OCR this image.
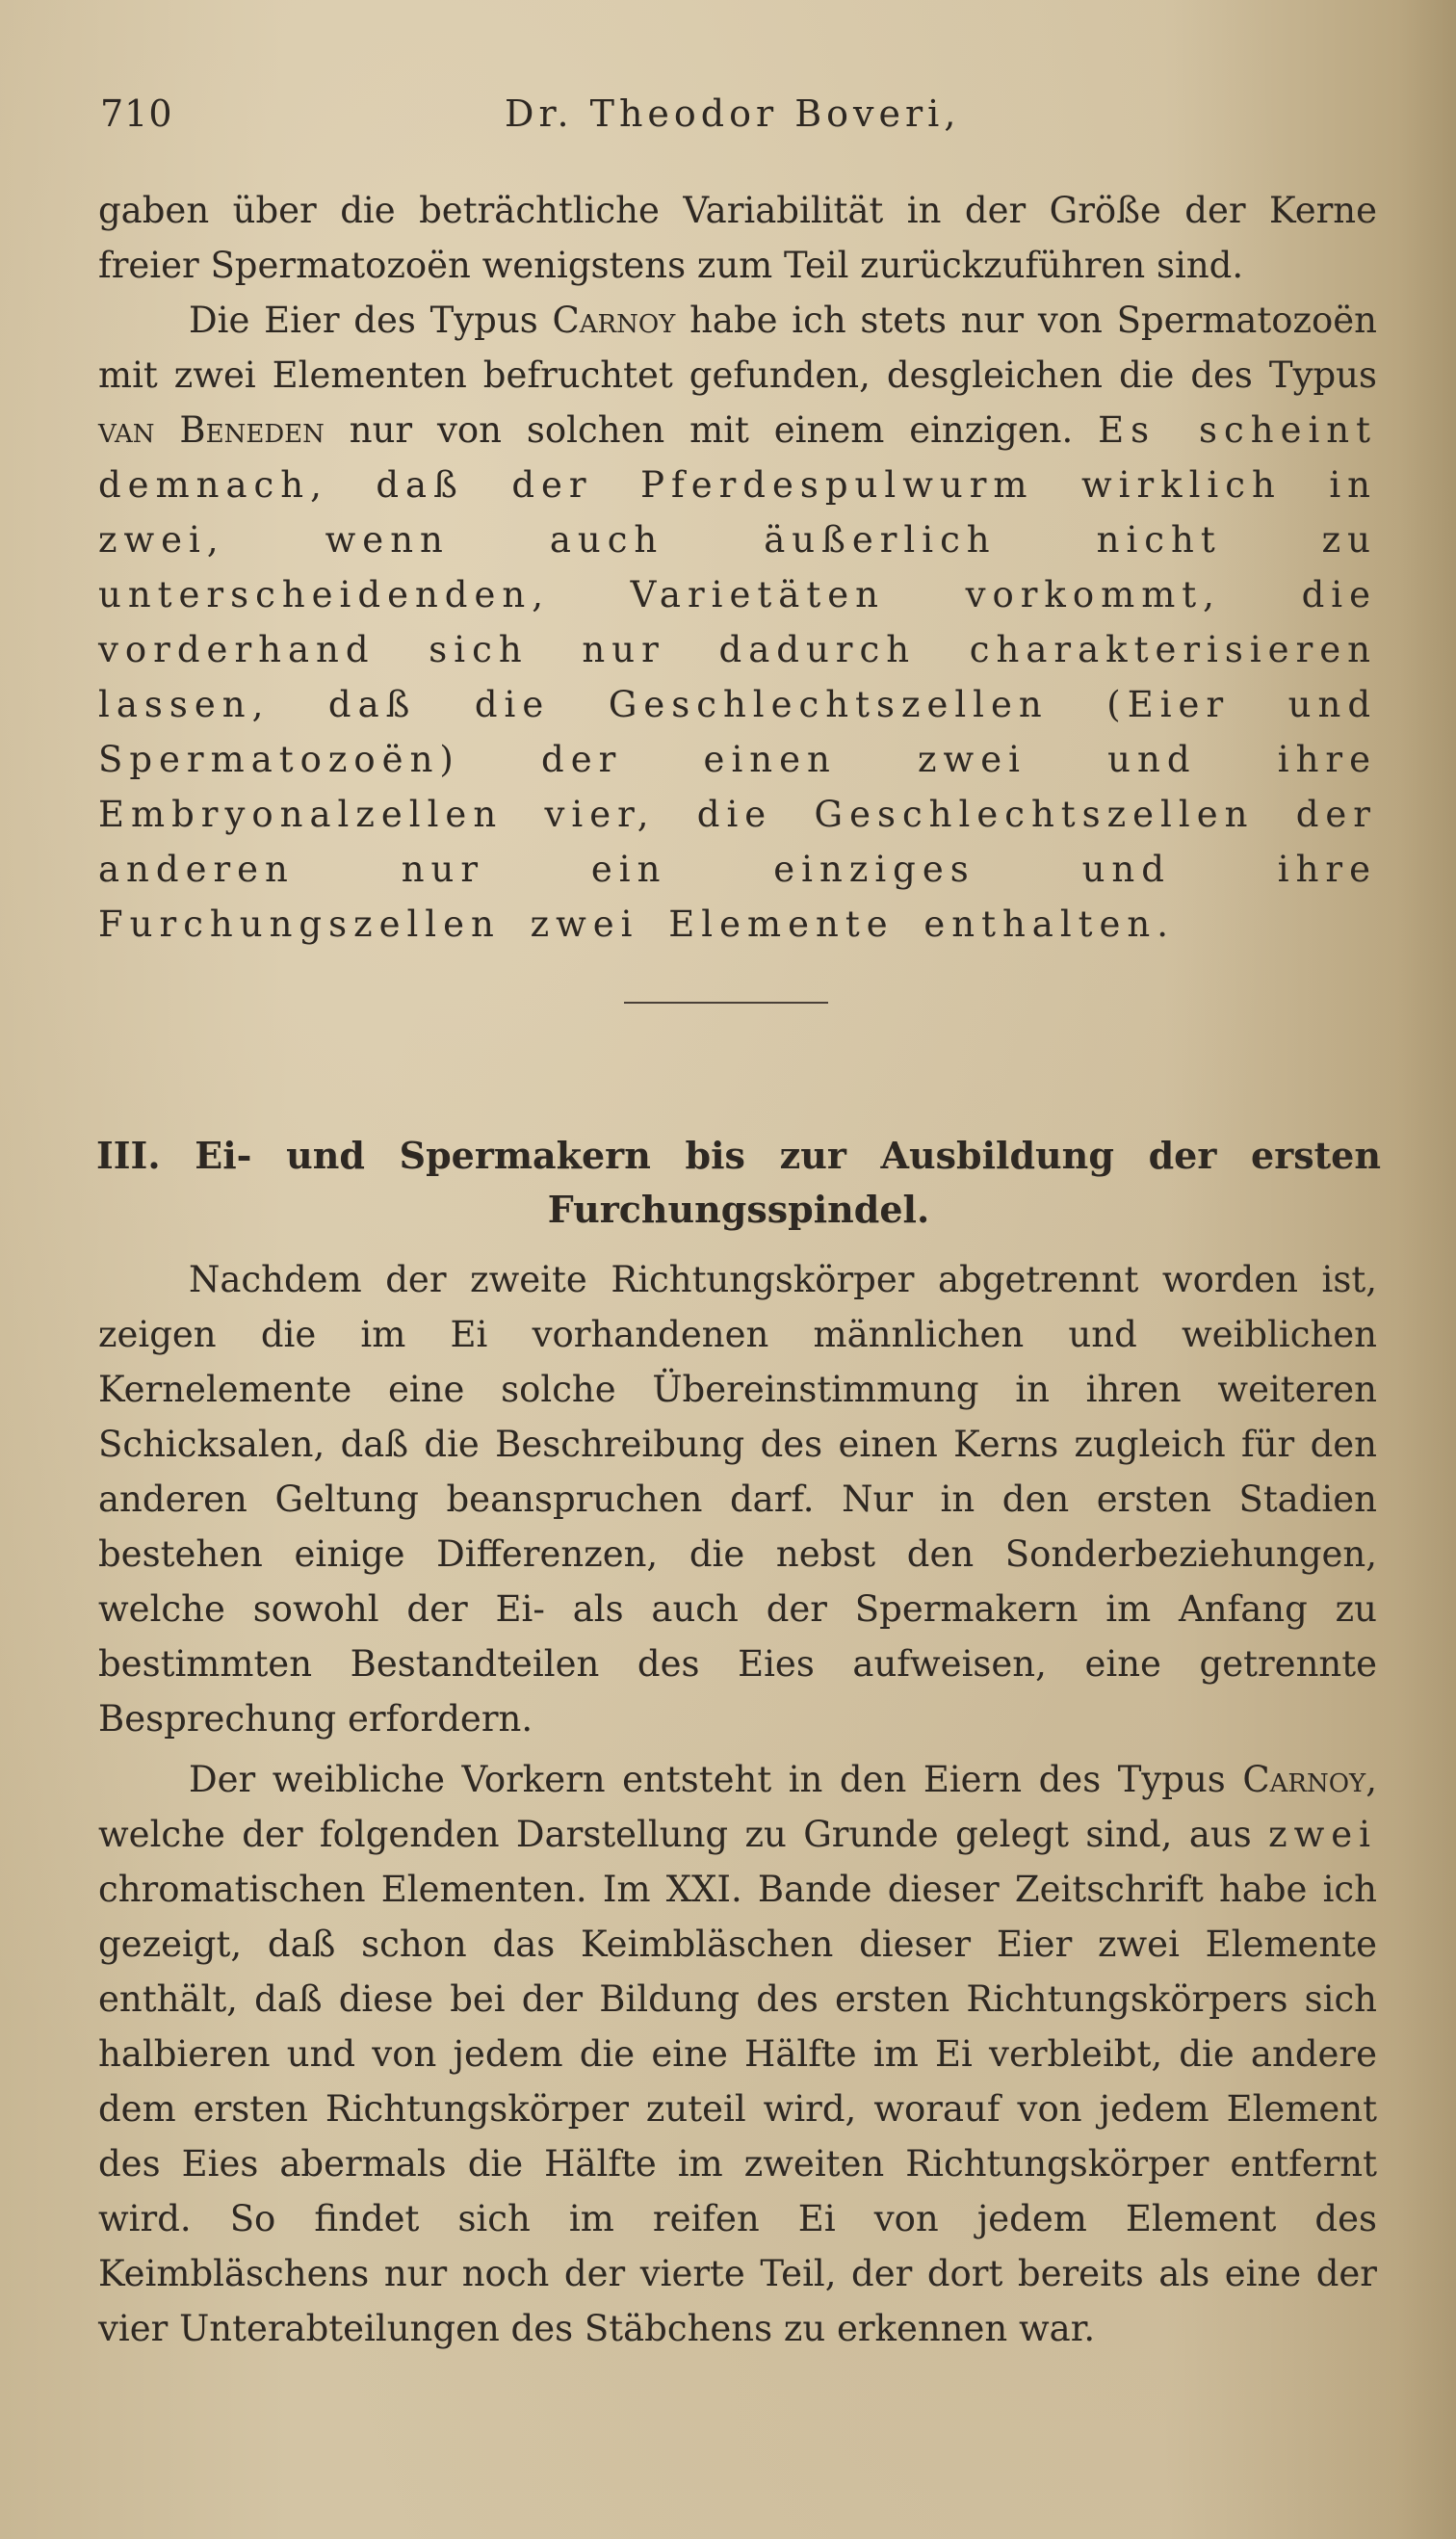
710	Dr. Theodor Boveri,

gaben über die beträchtliche Variabilität in der Größe der Kerne freier Spermatozoën wenigstens zum Teil zurückzuführen sind.

Die Eier des Typus Carnoy habe ich stets nur von Spermatozoën mit zwei Elementen befruchtet gefunden, desgleichen die des Typus van Beneden nur von solchen mit einem einzigen. Es scheint demnach, daß der Pferdespulwurm wirklich in zwei, wenn auch äußerlich nicht zu unterscheidenden, Varietäten vorkommt, die vorderhand sich nur dadurch charakterisieren lassen, daß die Geschlechtszellen (Eier und Spermatozoën) der einen zwei und ihre Embryonalzellen vier, die Geschlechtszellen der anderen nur ein einziges und ihre Furchungszellen zwei Elemente enthalten.

III. Ei- und Spermakern bis zur Ausbildung der ersten
Furchungsspindel.

Nachdem der zweite Richtungskörper abgetrennt worden ist, zeigen die im Ei vorhandenen männlichen und weiblichen Kernelemente eine solche Übereinstimmung in ihren weiteren Schicksalen, daß die Beschreibung des einen Kerns zugleich für den anderen Geltung beanspruchen darf. Nur in den ersten Stadien bestehen einige Differenzen, die nebst den Sonderbeziehungen, welche sowohl der Ei- als auch der Spermakern im Anfang zu bestimmten Bestandteilen des Eies aufweisen, eine getrennte Besprechung erfordern.

Der weibliche Vorkern entsteht in den Eiern des Typus Carnoy, welche der folgenden Darstellung zu Grunde gelegt sind, aus zwei chromatischen Elementen. Im XXI. Bande dieser Zeitschrift habe ich gezeigt, daß schon das Keimbläschen dieser Eier zwei Elemente enthält, daß diese bei der Bildung des ersten Richtungskörpers sich halbieren und von jedem die eine Hälfte im Ei verbleibt, die andere dem ersten Richtungskörper zuteil wird, worauf von jedem Element des Eies abermals die Hälfte im zweiten Richtungskörper entfernt wird. So findet sich im reifen Ei von jedem Element des Keimbläschens nur noch der vierte Teil, der dort bereits als eine der vier Unterabteilungen des Stäbchens zu erkennen war.
